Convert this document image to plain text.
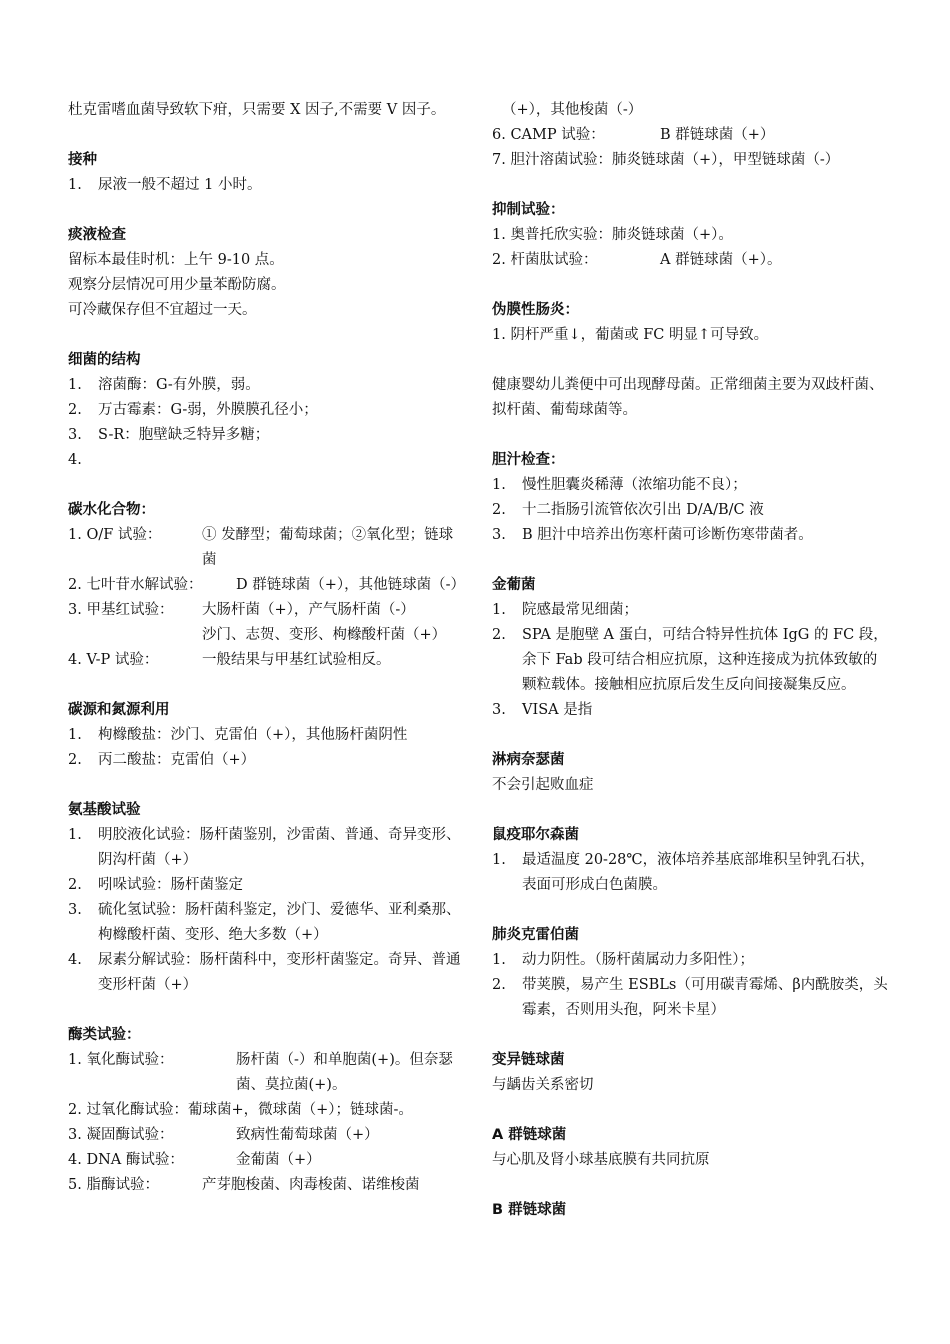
杜克雷嗜血菌导致软下疳，只需要 X 因子,不需要 V 因子。
接种
1.	尿液一般不超过 1 小时。
痰液检查
留标本最佳时机：上午 9-10 点。
观察分层情况可用少量苯酚防腐。
可冷藏保存但不宜超过一天。
细菌的结构
1.	溶菌酶：G-有外膜，弱。
2.	万古霉素：G-弱，外膜膜孔径小；
3.	S-R：胞壁缺乏特异多糖；
4.
碳水化合物：
1. O/F 试验：	① 发酵型；葡萄球菌；②氧化型；链球菌
2. 七叶苷水解试验：	D 群链球菌（+），其他链球菌（-）
3. 甲基红试验：	大肠杆菌（+），产气肠杆菌（-）
沙门、志贺、变形、枸橼酸杆菌（+）
4. V-P 试验：	一般结果与甲基红试验相反。
碳源和氮源利用
1.	枸橼酸盐：沙门、克雷伯（+），其他肠杆菌阴性
2.	丙二酸盐：克雷伯（+）
氨基酸试验
1.	明胶液化试验：肠杆菌鉴别，沙雷菌、普通、奇异变形、阴沟杆菌（+）
2.	吲哚试验：肠杆菌鉴定
3.	硫化氢试验：肠杆菌科鉴定，沙门、爱德华、亚利桑那、枸橼酸杆菌、变形、绝大多数（+）
4.	尿素分解试验：肠杆菌科中，变形杆菌鉴定。奇异、普通变形杆菌（+）
酶类试验：
1. 氧化酶试验：	肠杆菌（-）和单胞菌(+)。但奈瑟菌、莫拉菌(+)。
2. 过氧化酶试验： 葡球菌+，微球菌（+）；链球菌-。
3. 凝固酶试验：	致病性葡萄球菌（+）
4. DNA 酶试验：	金葡菌（+）
5. 脂酶试验：	产芽胞梭菌、肉毒梭菌、诺维梭菌
（+），其他梭菌（-）
6. CAMP 试验：	B 群链球菌（+）
7. 胆汁溶菌试验： 肺炎链球菌（+），甲型链球菌（-）
抑制试验：
1. 奥普托欣实验： 肺炎链球菌（+）。
2. 杆菌肽试验：	A 群链球菌（+）。
伪膜性肠炎：
1. 阴杆严重↓，葡菌或 FC 明显↑可导致。
健康婴幼儿粪便中可出现酵母菌。正常细菌主要为双歧杆菌、拟杆菌、葡萄球菌等。
胆汁检查：
1.	慢性胆囊炎稀薄（浓缩功能不良）；
2.	十二指肠引流管依次引出 D/A/B/C 液
3.	B 胆汁中培养出伤寒杆菌可诊断伤寒带菌者。
金葡菌
1.	院感最常见细菌；
2.	SPA 是胞壁 A 蛋白，可结合特异性抗体 IgG 的 FC 段，余下 Fab 段可结合相应抗原，这种连接成为抗体致敏的颗粒载体。接触相应抗原后发生反向间接凝集反应。
3.	VISA 是指
淋病奈瑟菌
不会引起败血症
鼠疫耶尔森菌
1.	最适温度 20-28℃，液体培养基底部堆积呈钟乳石状，表面可形成白色菌膜。
肺炎克雷伯菌
1.	动力阴性。（肠杆菌属动力多阳性）；
2.	带荚膜，易产生 ESBLs（可用碳青霉烯、β内酰胺类，头霉素，否则用头孢，阿米卡星）
变异链球菌
与龋齿关系密切
A 群链球菌
与心肌及肾小球基底膜有共同抗原
B 群链球菌
